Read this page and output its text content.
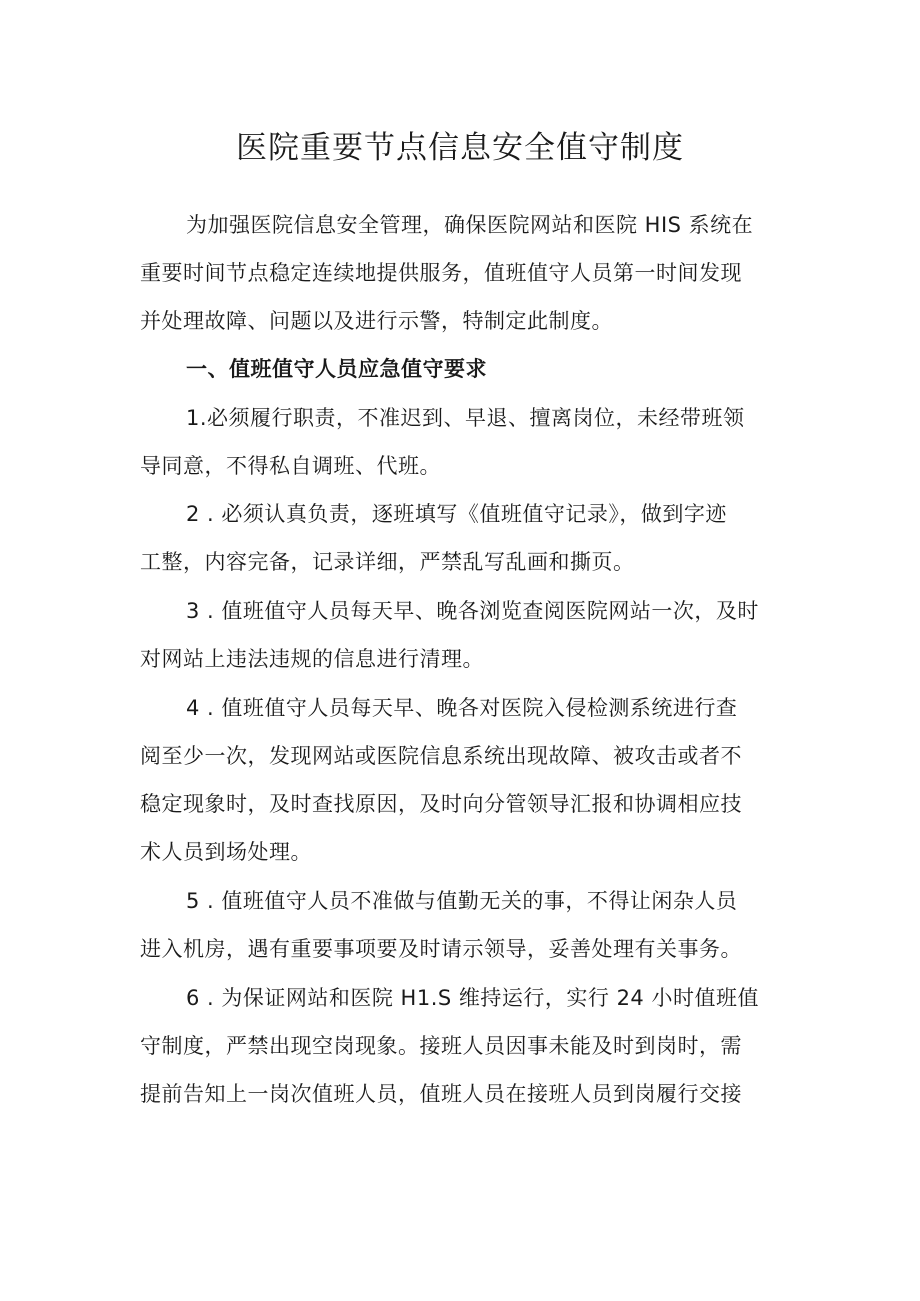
医院重要节点信息安全值守制度

为加强医院信息安全管理，确保医院网站和医院 HIS 系统在
重要时间节点稳定连续地提供服务，值班值守人员第一时间发现
并处理故障、问题以及进行示警，特制定此制度。

一、值班值守人员应急值守要求

1.必须履行职责，不准迟到、早退、擅离岗位，未经带班领
导同意，不得私自调班、代班。

2 . 必须认真负责，逐班填写《值班值守记录》，做到字迹
工整，内容完备，记录详细，严禁乱写乱画和撕页。

3 . 值班值守人员每天早、晚各浏览查阅医院网站一次，及时
对网站上违法违规的信息进行清理。

4 . 值班值守人员每天早、晚各对医院入侵检测系统进行查
阅至少一次，发现网站或医院信息系统出现故障、被攻击或者不
稳定现象时，及时查找原因，及时向分管领导汇报和协调相应技
术人员到场处理。

5 . 值班值守人员不准做与值勤无关的事，不得让闲杂人员
进入机房，遇有重要事项要及时请示领导，妥善处理有关事务。

6 . 为保证网站和医院 H1.S 维持运行，实行 24 小时值班值
守制度，严禁出现空岗现象。接班人员因事未能及时到岗时，需
提前告知上一岗次值班人员，值班人员在接班人员到岗履行交接
